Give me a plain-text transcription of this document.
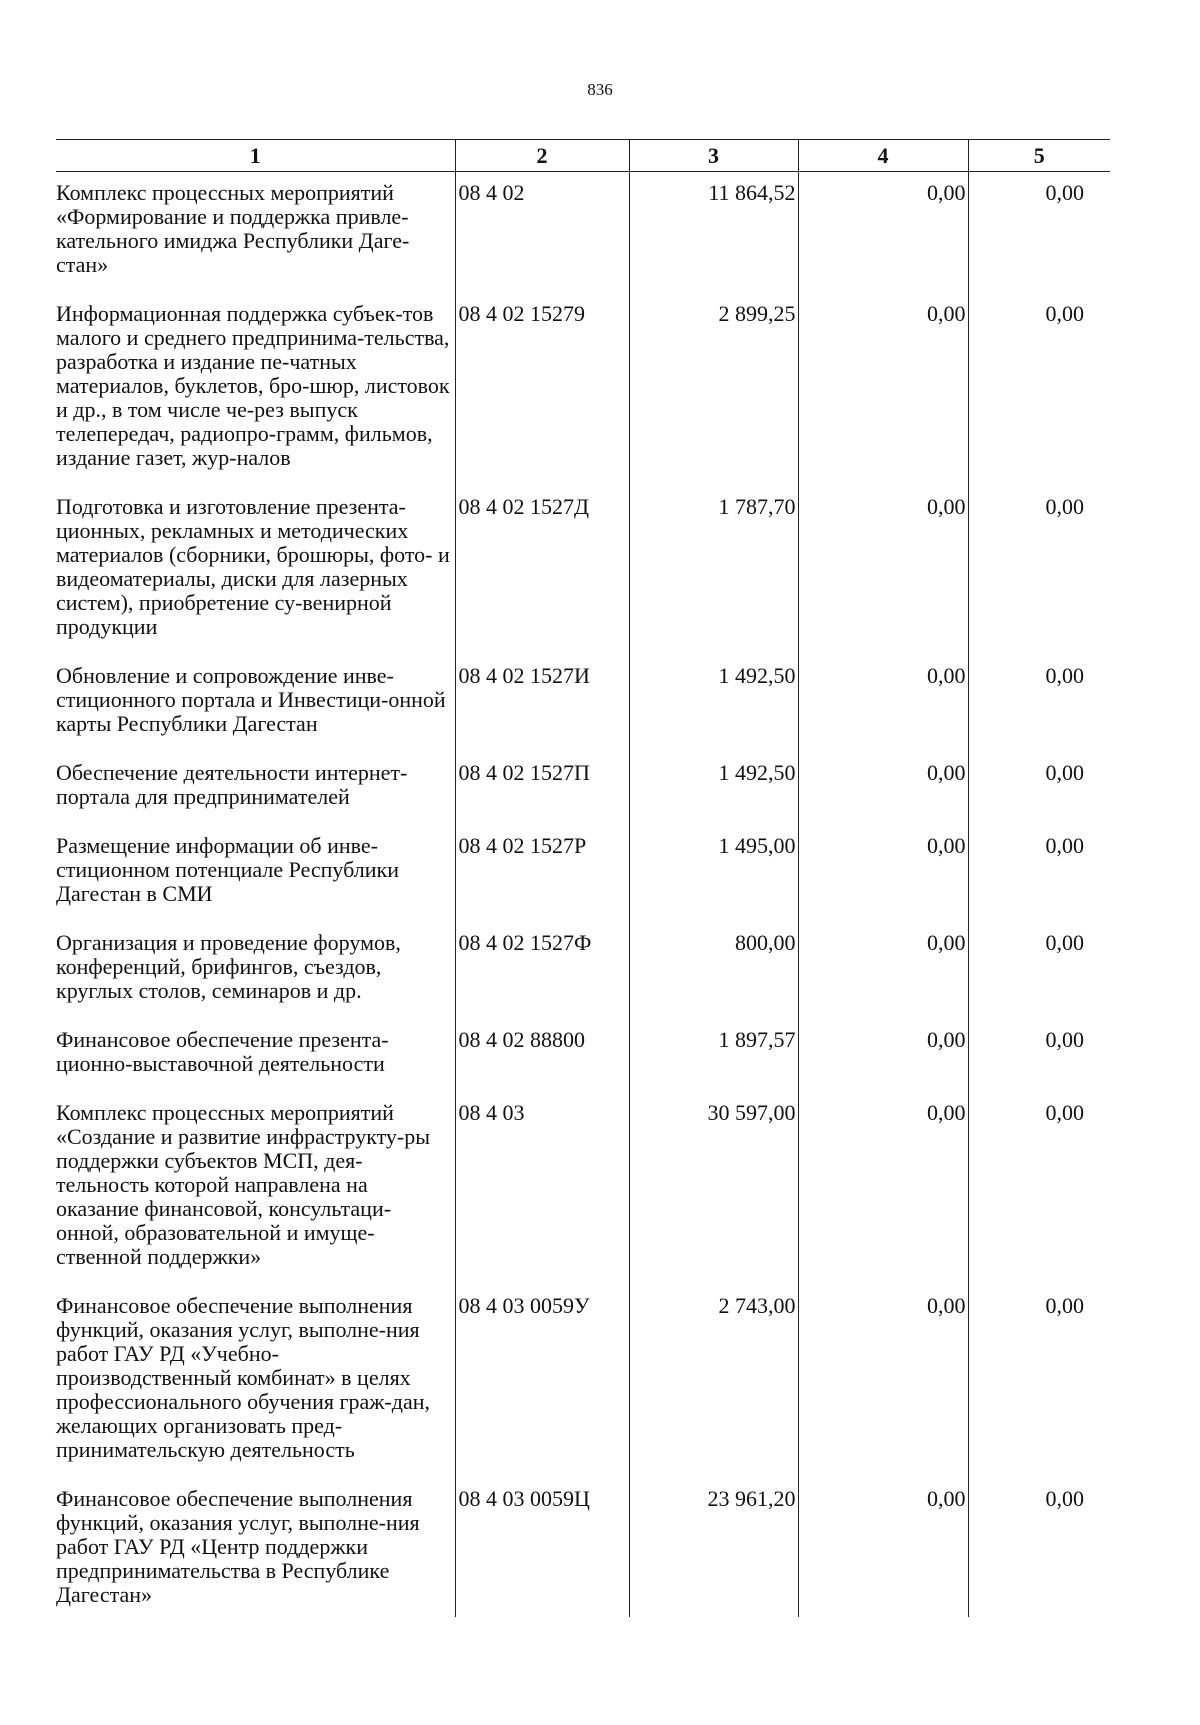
836
1	2	3	4	5
Комплекс процессных мероприятий «Формирование и поддержка привле-кательного имиджа Республики Даге-стан»	08 4 02	11 864,52	0,00	0,00
Информационная поддержка субъек-тов малого и среднего предпринима-тельства, разработка и издание пе-чатных материалов, буклетов, бро-шюр, листовок и др., в том числе че-рез выпуск телепередач, радиопро-грамм, фильмов, издание газет, жур-налов	08 4 02 15279	2 899,25	0,00	0,00
Подготовка и изготовление презента-ционных, рекламных и методических материалов (сборники, брошюры, фото- и видеоматериалы, диски для лазерных систем), приобретение су-венирной продукции	08 4 02 1527Д	1 787,70	0,00	0,00
Обновление и сопровождение инве-стиционного портала и Инвестици-онной карты Республики Дагестан	08 4 02 1527И	1 492,50	0,00	0,00
Обеспечение деятельности интернет-портала для предпринимателей	08 4 02 1527П	1 492,50	0,00	0,00
Размещение информации об инве-стиционном потенциале Республики Дагестан в СМИ	08 4 02 1527Р	1 495,00	0,00	0,00
Организация и проведение форумов, конференций, брифингов, съездов, круглых столов, семинаров и др.	08 4 02 1527Ф	800,00	0,00	0,00
Финансовое обеспечение презента-ционно-выставочной деятельности	08 4 02 88800	1 897,57	0,00	0,00
Комплекс процессных мероприятий «Создание и развитие инфраструкту-ры поддержки субъектов МСП, дея-тельность которой направлена на оказание финансовой, консультаци-онной, образовательной и имуще-ственной поддержки»	08 4 03	30 597,00	0,00	0,00
Финансовое обеспечение выполнения функций, оказания услуг, выполне-ния работ ГАУ РД «Учебно-производственный комбинат» в целях профессионального обучения граж-дан, желающих организовать пред-принимательскую деятельность	08 4 03 0059У	2 743,00	0,00	0,00
Финансовое обеспечение выполнения функций, оказания услуг, выполне-ния работ ГАУ РД «Центр поддержки предпринимательства в Республике Дагестан»	08 4 03 0059Ц	23 961,20	0,00	0,00
